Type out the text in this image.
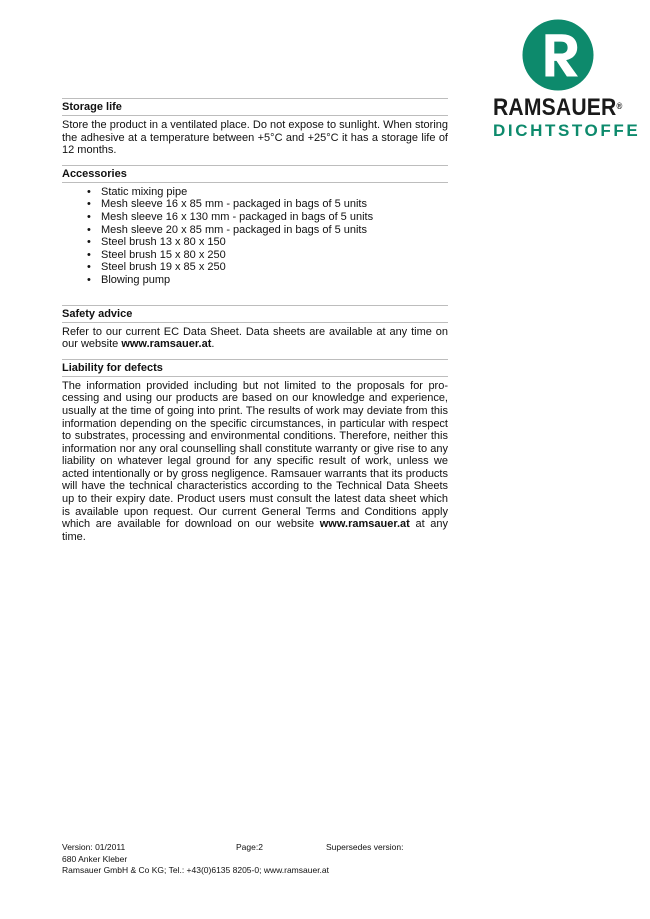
RAMSAUER®
DICHTSTOFFE
Storage life

Store the product in a ventilated place. Do not expose to sunlight. When storing the adhesive at a temperature between +5°C and +25°C it has a storage life of 12 months.

Accessories
• Static mixing pipe
• Mesh sleeve 16 x 85 mm - packaged in bags of 5 units
• Mesh sleeve 16 x 130 mm - packaged in bags of 5 units
• Mesh sleeve 20 x 85 mm - packaged in bags of 5 units
• Steel brush 13 x 80 x 150
• Steel brush 15 x 80 x 250
• Steel brush 19 x 85 x 250
• Blowing pump
Safety advice

Refer to our current EC Data Sheet. Data sheets are available at any time on our website www.ramsauer.at.

Liability for defects

The information provided including but not limited to the proposals for pro-cessing and using our products are based on our knowledge and experience, usually at the time of going into print. The results of work may deviate from this information depending on the specific circumstances, in particular with respect to substrates, processing and environmental conditions. Therefore, neither this information nor any oral counselling shall constitute warranty or give rise to any liability on whatever legal ground for any specific result of work, unless we acted intentionally or by gross negligence. Ramsauer warrants that its products will have the technical characteristics according to the Technical Data Sheets up to their expiry date. Product users must consult the latest data sheet which is available upon request. Our current General Terms and Conditions apply which are available for download on our website www.ramsauer.at at any time.

Version: 01/2011	Page:2	Supersedes version:
680 Anker Kleber
Ramsauer GmbH & Co KG; Tel.: +43(0)6135 8205-0; www.ramsauer.at
